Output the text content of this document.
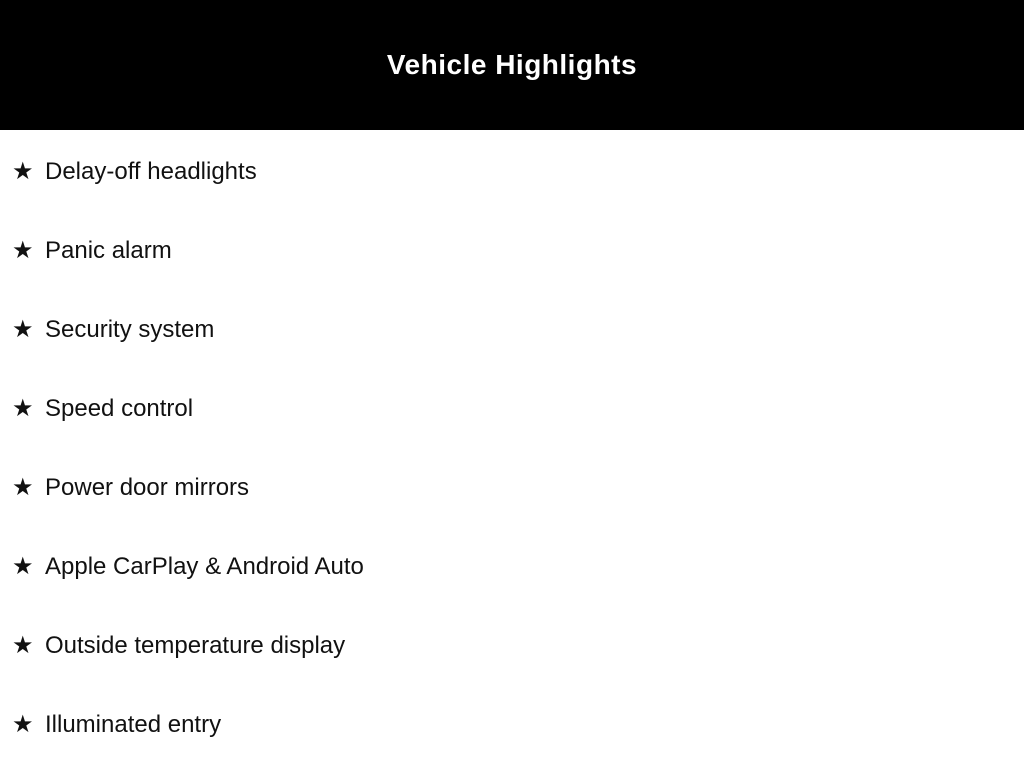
Vehicle Highlights
★ Delay-off headlights
★ Panic alarm
★ Security system
★ Speed control
★ Power door mirrors
★ Apple CarPlay & Android Auto
★ Outside temperature display
★ Illuminated entry
